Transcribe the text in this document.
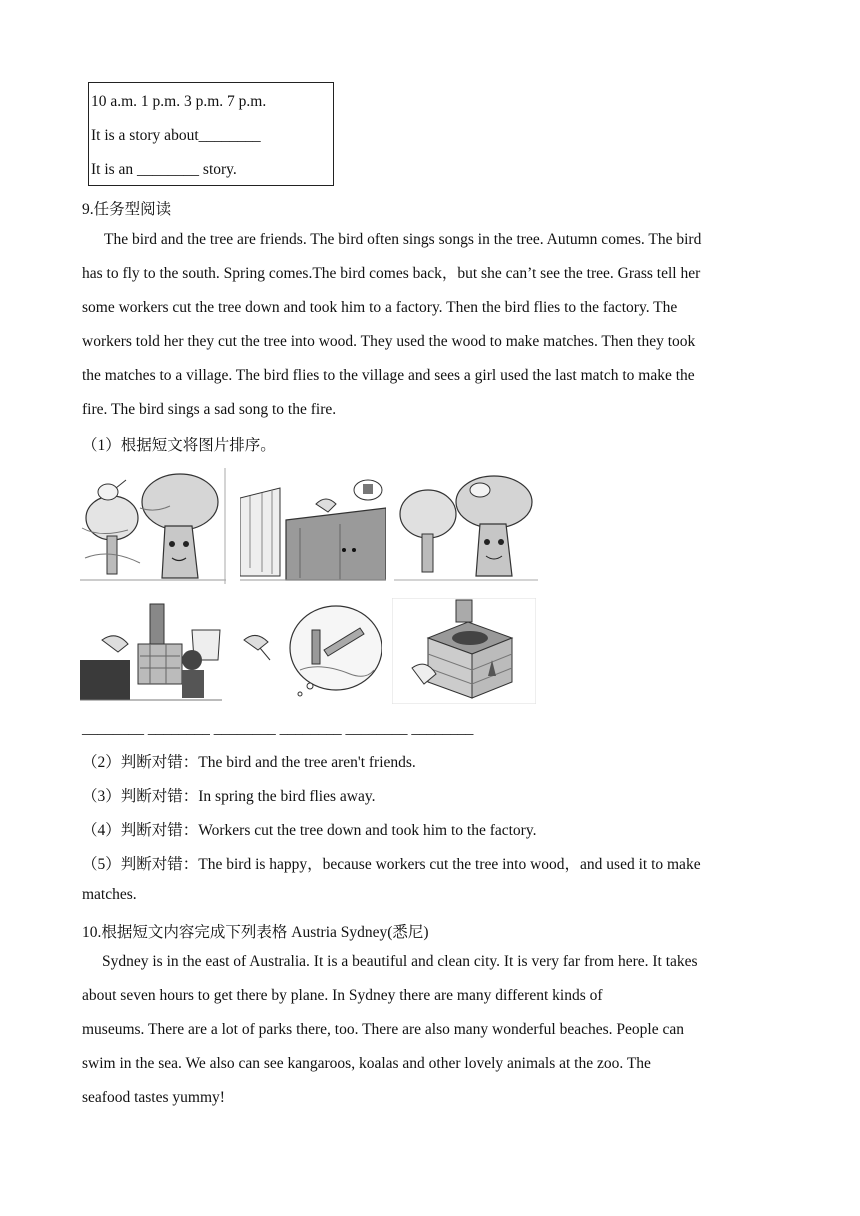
10 a.m. 1 p.m. 3 p.m. 7 p.m.
It is a story about________
It is an ________ story.
9.任务型阅读
The bird and the tree are friends. The bird often sings songs in the tree. Autumn comes. The bird
has to fly to the south. Spring comes.The bird comes back，but she can’t see the tree. Grass tell her
some workers cut the tree down and took him to a factory. Then the bird flies to the factory. The
workers told her they cut the tree into wood. They used the wood to make matches. Then they took
the matches to a village. The bird flies to the village and sees a girl used the last match to make the
fire. The bird sings a sad song to the fire.
（1）根据短文将图片排序。
________ ________ ________ ________ ________ ________
（2）判断对错：The bird and the tree aren't friends.
（3）判断对错：In spring the bird flies away.
（4）判断对错：Workers cut the tree down and took him to the factory.
（5）判断对错：The bird is happy，because workers cut the tree into wood，and used it to make
matches.
10.根据短文内容完成下列表格 Austria Sydney(悉尼)
Sydney is in the east of Australia. It is a beautiful and clean city. It is very far from here. It takes
about seven hours to get there by plane. In Sydney there are many different kinds of
museums. There are a lot of parks there, too. There are also many wonderful beaches. People can
swim in the sea. We also can see kangaroos, koalas and other lovely animals at the zoo. The
seafood tastes yummy!
